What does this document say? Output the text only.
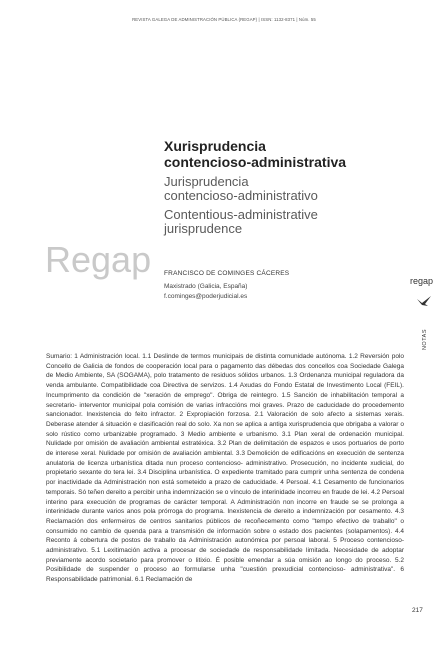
REVISTA GALEGA DE ADMINISTRACIÓN PÚBLICA (REGAP) | ISSN: 1132-8371 | Núm. 55
Xurisprudencia
contencioso-administrativa
Jurisprudencia
contencioso-administrativo
Contentious-administrative
jurisprudence
Regap FRANCISCO DE COMINGES CÁCERES
Maxistrado (Galicia, España)
f.cominges@poderjudicial.es
regap
NOTAS
Sumario: 1 Administración local. 1.1 Deslinde de termos municipais de distinta comunidade autónoma. 1.2 Reversión polo Concello de Galicia de fondos de cooperación local para o pagamento das débedas dos concellos coa Sociedade Galega de Medio Ambiente, SA (SOGAMA), polo tratamento de residuos sólidos urbanos. 1.3 Ordenanza municipal reguladora da venda ambulante. Compatibilidade coa Directiva de servizos. 1.4 Axudas do Fondo Estatal de Investimento Local (FEIL). Incumprimento da condición de "xeración de emprego". Obriga de reintegro. 1.5 Sanción de inhabilitación temporal a secretario- interventor municipal pola comisión de varias infraccións moi graves. Prazo de caducidade do procedemento sancionador. Inexistencia do feito infractor. 2 Expropiación forzosa. 2.1 Valoración de solo afecto a sistemas xerais. Deberase atender á situación e clasificación real do solo. Xa non se aplica a antiga xurisprudencia que obrigaba a valorar o solo rústico como urbanizable programado. 3 Medio ambiente e urbanismo. 3.1 Plan xeral de ordenación municipal. Nulidade por omisión de avaliación ambiental estratéxica. 3.2 Plan de delimitación de espazos e usos portuarios de porto de interese xeral. Nulidade por omisión de avaliación ambiental. 3.3 Demolición de edificacións en execución de sentenza anulatoria de licenza urbanística ditada nun proceso contencioso- administrativo. Prosecución, no incidente xudicial, do propietario sexante do tera lei. 3.4 Disciplina urbanística. O expediente tramitado para cumprir unha sentenza de condena por inactividade da Administración non está someteido a prazo de caducidade. 4 Persoal. 4.1 Cesamento de funcionarios temporais. Só teñen dereito a percibir unha indemnización se o vínculo de interinidade incorreu en fraude de lei. 4.2 Persoal interino para execución de programas de carácter temporal. A Administración non incorre en fraude se se prolonga a interinidade durante varios anos pola prórroga do programa. Inexistencia de dereito a indemnización por cesamento. 4.3 Reclamación dos enfermeiros de centros sanitarios públicos de recoñecemento como "tempo efectivo de traballo" o consumido no cambio de quenda para a transmisión de información sobre o estado dos pacientes (solapamentos). 4.4 Reconto á cobertura de postos de traballo da Administración autonómica por persoal laboral. 5 Proceso contencioso- administrativo. 5.1 Lexitimación activa a procesar de sociedade de responsabilidade limitada. Necesidade de adoptar previamente acordo societario para promover o litixio. É posible emendar a súa omisión ao longo do proceso. 5.2 Posibilidade de suspender o proceso ao formularse unha "cuestión prexudicial contencioso- administrativa". 6 Responsabilidade patrimonial. 6.1 Reclamación de
217
